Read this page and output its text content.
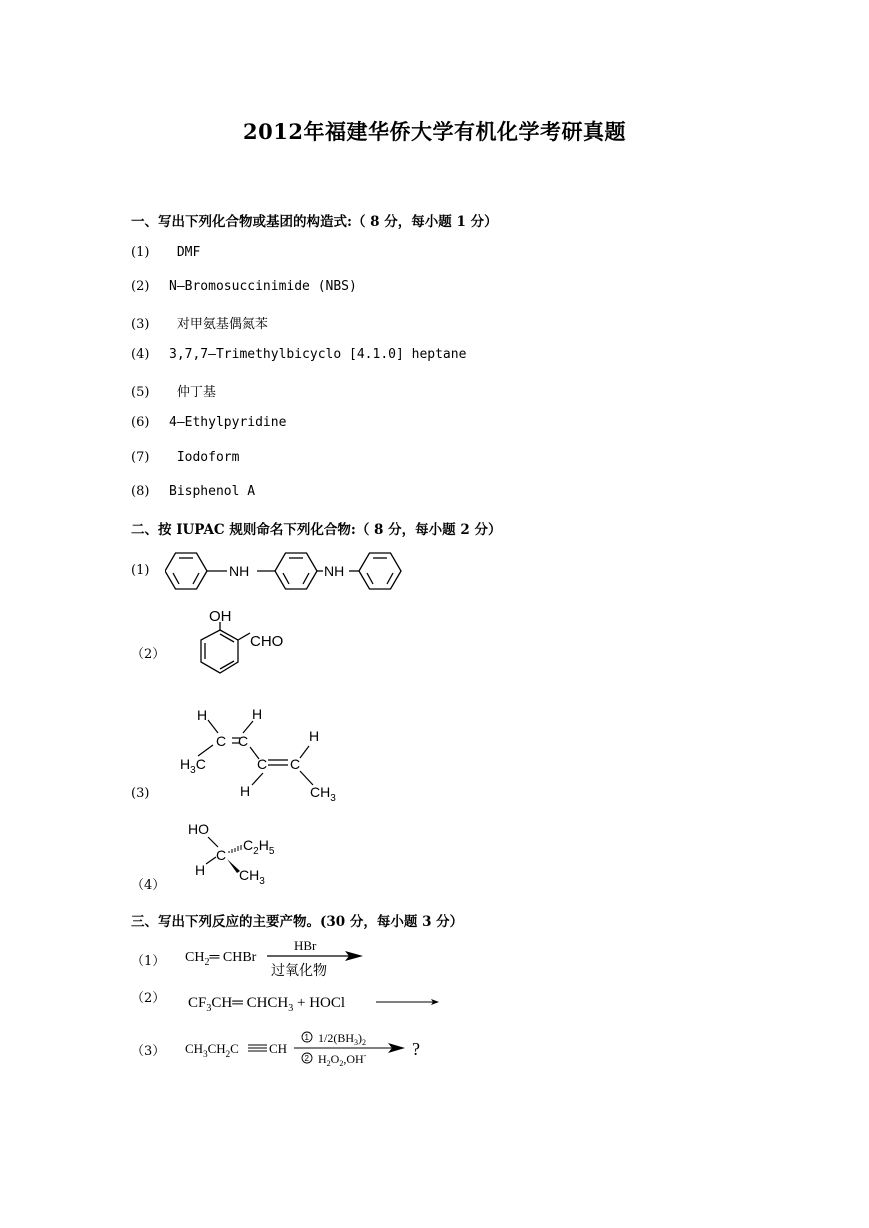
2012年福建华侨大学有机化学考研真题
一、写出下列化合物或基团的构造式:（ 8 分，每小题 1 分）
(1) DMF
(2) N—Bromosuccinimide (NBS)
(3) 对甲氨基偶氮苯
(4) 3,7,7—Trimethylbicyclo [4.1.0] heptane
(5) 仲丁基
(6) 4—Ethylpyridine
(7) Iodoform
(8) Bisphenol A
二、按 IUPAC 规则命名下列化合物:（ 8 分，每小题 2 分）
(1)
（2）
(3)
（4）
NH	NH
OH
CHO
H	H
C C
$H_3C$	C C
H
H	$CH_3$
HO
C
H
$C_2H_5$
$CH_3$
三、写出下列反应的主要产物。(30 分，每小题 3 分）
（1）
（2）
（3）
$CH_2═$ CHBr
HBr
过氧化物
$CF_3CH═$ $CHCH_3$ + HOCl
$CH_3CH_2C$ CH
1
2
$1/2(BH_3)_2$
$H_2O_2,OH^-$	?
